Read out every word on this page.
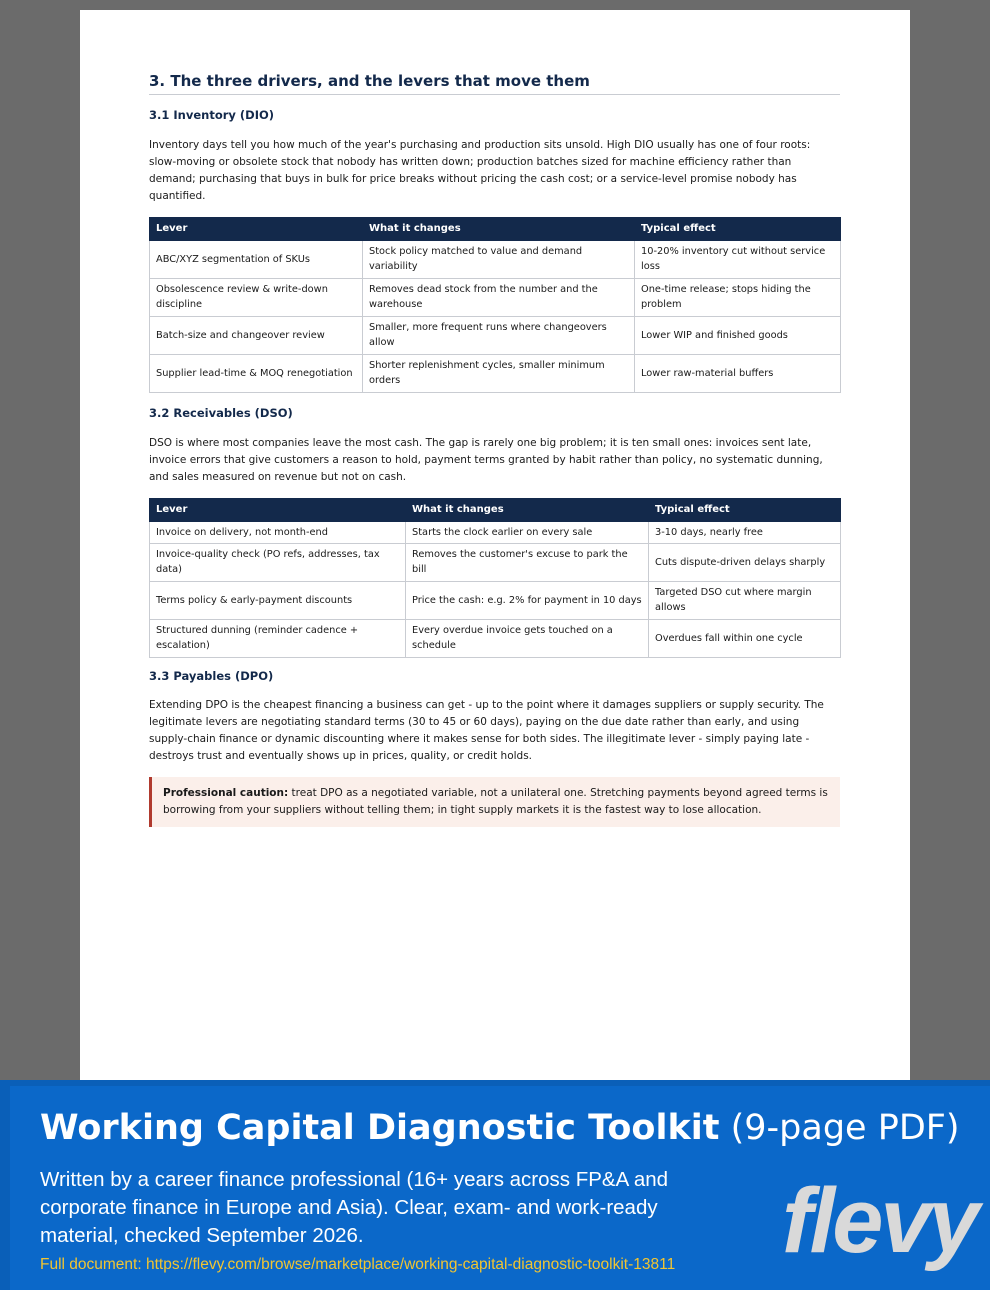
3. The three drivers, and the levers that move them
3.1 Inventory (DIO)

Inventory days tell you how much of the year's purchasing and production sits unsold. High DIO usually has one of four roots: slow-moving or obsolete stock that nobody has written down; production batches sized for machine efficiency rather than demand; purchasing that buys in bulk for price breaks without pricing the cash cost; or a service-level promise nobody has quantified.

Lever	What it changes	Typical effect
ABC/XYZ segmentation of SKUs	Stock policy matched to value and demand variability	10-20% inventory cut without service loss
Obsolescence review & write-down discipline	Removes dead stock from the number and the warehouse	One-time release; stops hiding the problem
Batch-size and changeover review	Smaller, more frequent runs where changeovers allow	Lower WIP and finished goods
Supplier lead-time & MOQ renegotiation	Shorter replenishment cycles, smaller minimum orders	Lower raw-material buffers
3.2 Receivables (DSO)

DSO is where most companies leave the most cash. The gap is rarely one big problem; it is ten small ones: invoices sent late, invoice errors that give customers a reason to hold, payment terms granted by habit rather than policy, no systematic dunning, and sales measured on revenue but not on cash.

Lever	What it changes	Typical effect
Invoice on delivery, not month-end	Starts the clock earlier on every sale	3-10 days, nearly free
Invoice-quality check (PO refs, addresses, tax data)	Removes the customer's excuse to park the bill	Cuts dispute-driven delays sharply
Terms policy & early-payment discounts	Price the cash: e.g. 2% for payment in 10 days	Targeted DSO cut where margin allows
Structured dunning (reminder cadence + escalation)	Every overdue invoice gets touched on a schedule	Overdues fall within one cycle
3.3 Payables (DPO)

Extending DPO is the cheapest financing a business can get - up to the point where it damages suppliers or supply security. The legitimate levers are negotiating standard terms (30 to 45 or 60 days), paying on the due date rather than early, and using supply-chain finance or dynamic discounting where it makes sense for both sides. The illegitimate lever - simply paying late - destroys trust and eventually shows up in prices, quality, or credit holds.

Professional caution: treat DPO as a negotiated variable, not a unilateral one. Stretching payments beyond agreed terms is borrowing from your suppliers without telling them; in tight supply markets it is the fastest way to lose allocation.
Working Capital Diagnostic Toolkit (9-page PDF)
Written by a career finance professional (16+ years across FP&A and corporate finance in Europe and Asia). Clear, exam- and work-ready material, checked September 2026.
Full document: https://flevy.com/browse/marketplace/working-capital-diagnostic-toolkit-13811 flevy
